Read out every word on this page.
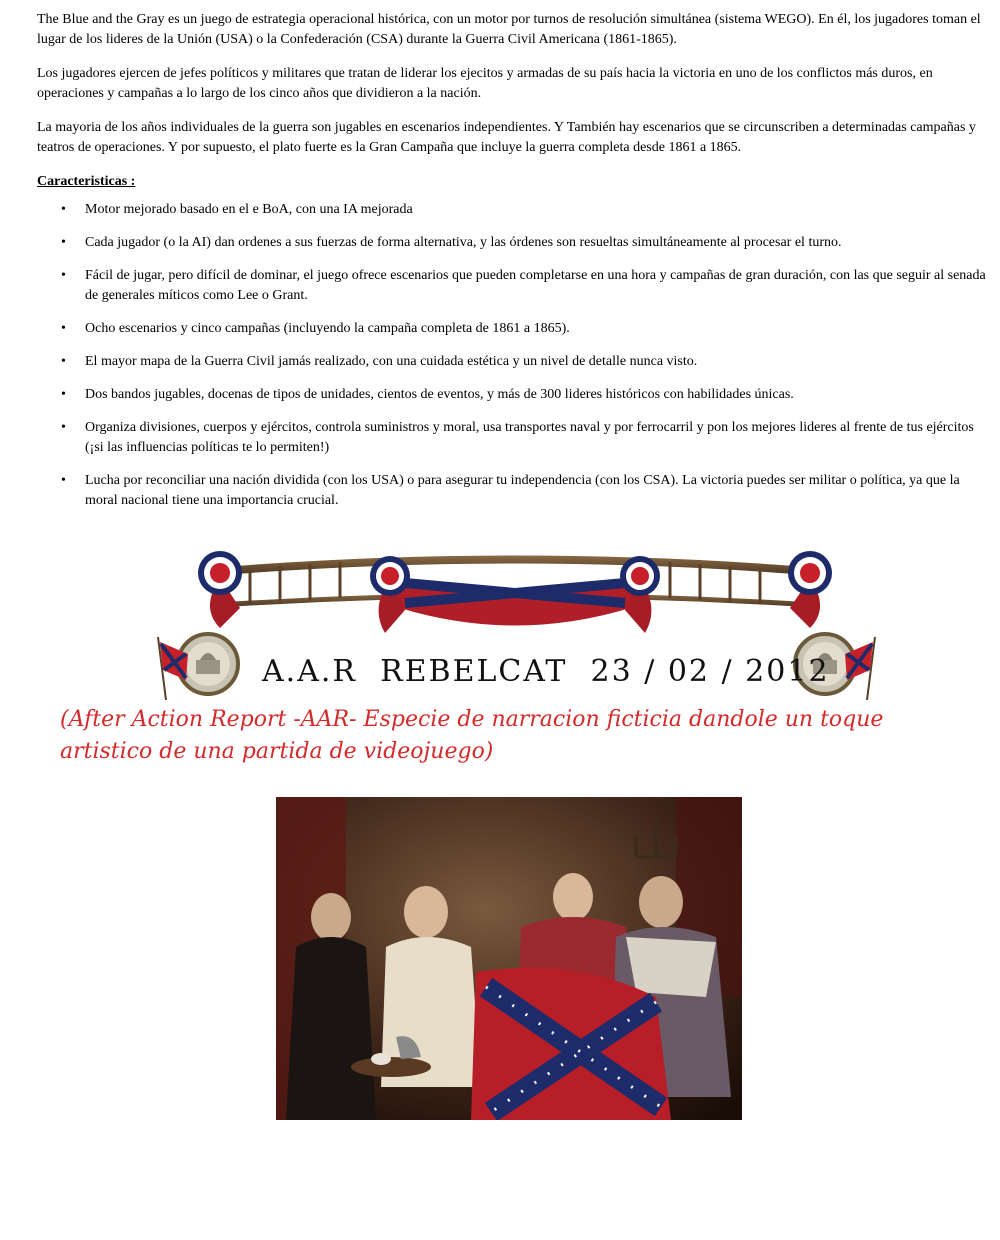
The Blue and the Gray es un juego de estrategia operacional histórica, con un motor por turnos de resolución simultánea (sistema WEGO). En él, los jugadores toman el lugar de los lideres de la Unión (USA) o la Confederación (CSA) durante la Guerra Civil Americana (1861-1865).

Los jugadores ejercen de jefes políticos y militares que tratan de liderar los ejecitos y armadas de su país hacia la victoria en uno de los conflictos más duros, en operaciones y campañas a lo largo de los cinco años que dividieron a la nación.

La mayoria de los años individuales de la guerra son jugables en escenarios independientes. Y También hay escenarios que se circunscriben a determinadas campañas y teatros de operaciones. Y por supuesto, el plato fuerte es la Gran Campaña que incluye la guerra completa desde 1861 a 1865.

Caracteristicas :
• Motor mejorado basado en el e BoA, con una IA mejorada
• Cada jugador (o la AI) dan ordenes a sus fuerzas de forma alternativa, y las órdenes son resueltas simultáneamente al procesar el turno.
• Fácil de jugar, pero difícil de dominar, el juego ofrece escenarios que pueden completarse en una hora y campañas de gran duración, con las que seguir al senada de generales míticos como Lee o Grant.
• Ocho escenarios y cinco campañas (incluyendo la campaña completa de 1861 a 1865).
• El mayor mapa de la Guerra Civil jamás realizado, con una cuidada estética y un nivel de detalle nunca visto.
• Dos bandos jugables, docenas de tipos de unidades, cientos de eventos, y más de 300 lideres históricos con habilidades únicas.
• Organiza divisiones, cuerpos y ejércitos, controla suministros y moral, usa transportes naval y por ferrocarril y pon los mejores lideres al frente de tus ejércitos (¡si las influencias políticas te lo permiten!)
• Lucha por reconciliar una nación dividida (con los USA) o para asegurar tu independencia (con los CSA). La victoria puedes ser militar o política, ya que la moral nacional tiene una importancia crucial.
A.A.R  REBELCAT  23 / 02 / 2012
(After Action Report -AAR- Especie de narracion ficticia dandole un toque artistico de una partida de videojuego)
